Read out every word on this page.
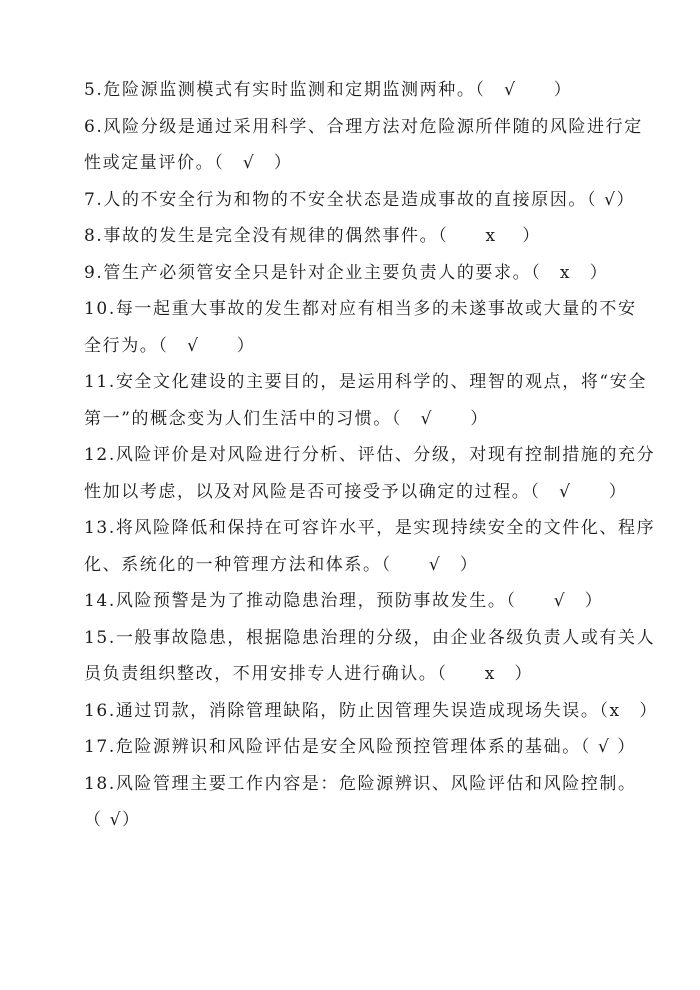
5.危险源监测模式有实时监测和定期监测两种。（　√　　）

6.风险分级是通过采用科学、合理方法对危险源所伴随的风险进行定
性或定量评价。（　√　）

7.人的不安全行为和物的不安全状态是造成事故的直接原因。（ √）

8.事故的发生是完全没有规律的偶然事件。（　　x　 ）

9.管生产必须管安全只是针对企业主要负责人的要求。（　x　）

10.每一起重大事故的发生都对应有相当多的未遂事故或大量的不安
全行为。（　√　　）

11.安全文化建设的主要目的，是运用科学的、理智的观点，将“安全
第一”的概念变为人们生活中的习惯。（　√　　）

12.风险评价是对风险进行分析、评估、分级，对现有控制措施的充分
性加以考虑，以及对风险是否可接受予以确定的过程。（　√　　）

13.将风险降低和保持在可容许水平，是实现持续安全的文件化、程序
化、系统化的一种管理方法和体系。（　　√　）

14.风险预警是为了推动隐患治理，预防事故发生。（　　√　）

15.一般事故隐患，根据隐患治理的分级，由企业各级负责人或有关人
员负责组织整改，不用安排专人进行确认。（　　x　）

16.通过罚款，消除管理缺陷，防止因管理失误造成现场失误。（x　）

17.危险源辨识和风险评估是安全风险预控管理体系的基础。（ √ ）

18.风险管理主要工作内容是：危险源辨识、风险评估和风险控制。
（ √）
